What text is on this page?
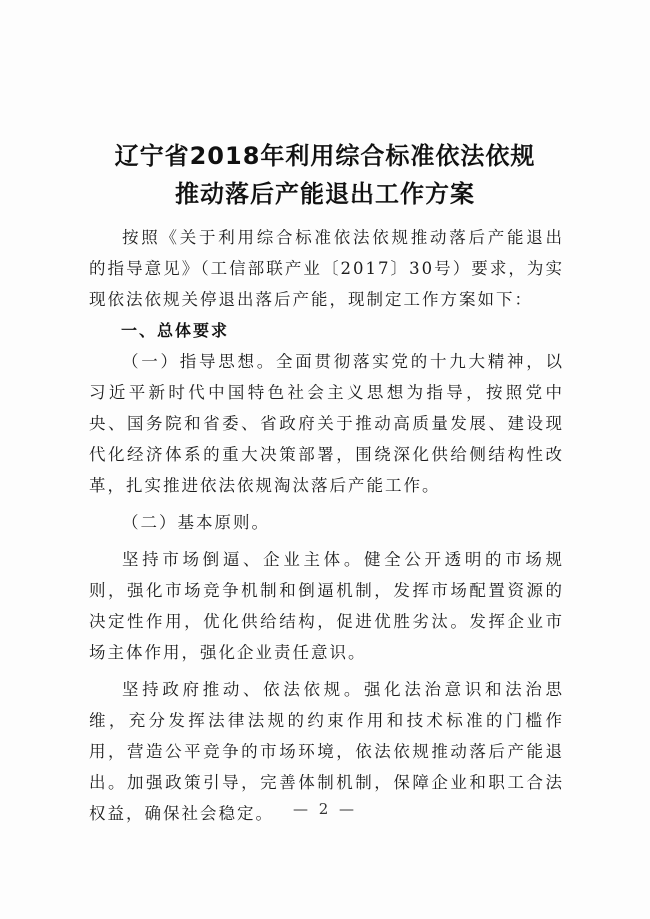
辽宁省2018年利用综合标准依法依规
推动落后产能退出工作方案

按照《关于利用综合标准依法依规推动落后产能退出的指导意见》（工信部联产业〔2017〕30号）要求，为实现依法依规关停退出落后产能，现制定工作方案如下：

一、总体要求

（一）指导思想。全面贯彻落实党的十九大精神，以习近平新时代中国特色社会主义思想为指导，按照党中央、国务院和省委、省政府关于推动高质量发展、建设现代化经济体系的重大决策部署，围绕深化供给侧结构性改革，扎实推进依法依规淘汰落后产能工作。

（二）基本原则。

坚持市场倒逼、企业主体。健全公开透明的市场规则，强化市场竞争机制和倒逼机制，发挥市场配置资源的决定性作用，优化供给结构，促进优胜劣汰。发挥企业市场主体作用，强化企业责任意识。

坚持政府推动、依法依规。强化法治意识和法治思维，充分发挥法律法规的约束作用和技术标准的门槛作用，营造公平竞争的市场环境，依法依规推动落后产能退出。加强政策引导，完善体制机制，保障企业和职工合法权益，确保社会稳定。	— 2 —
